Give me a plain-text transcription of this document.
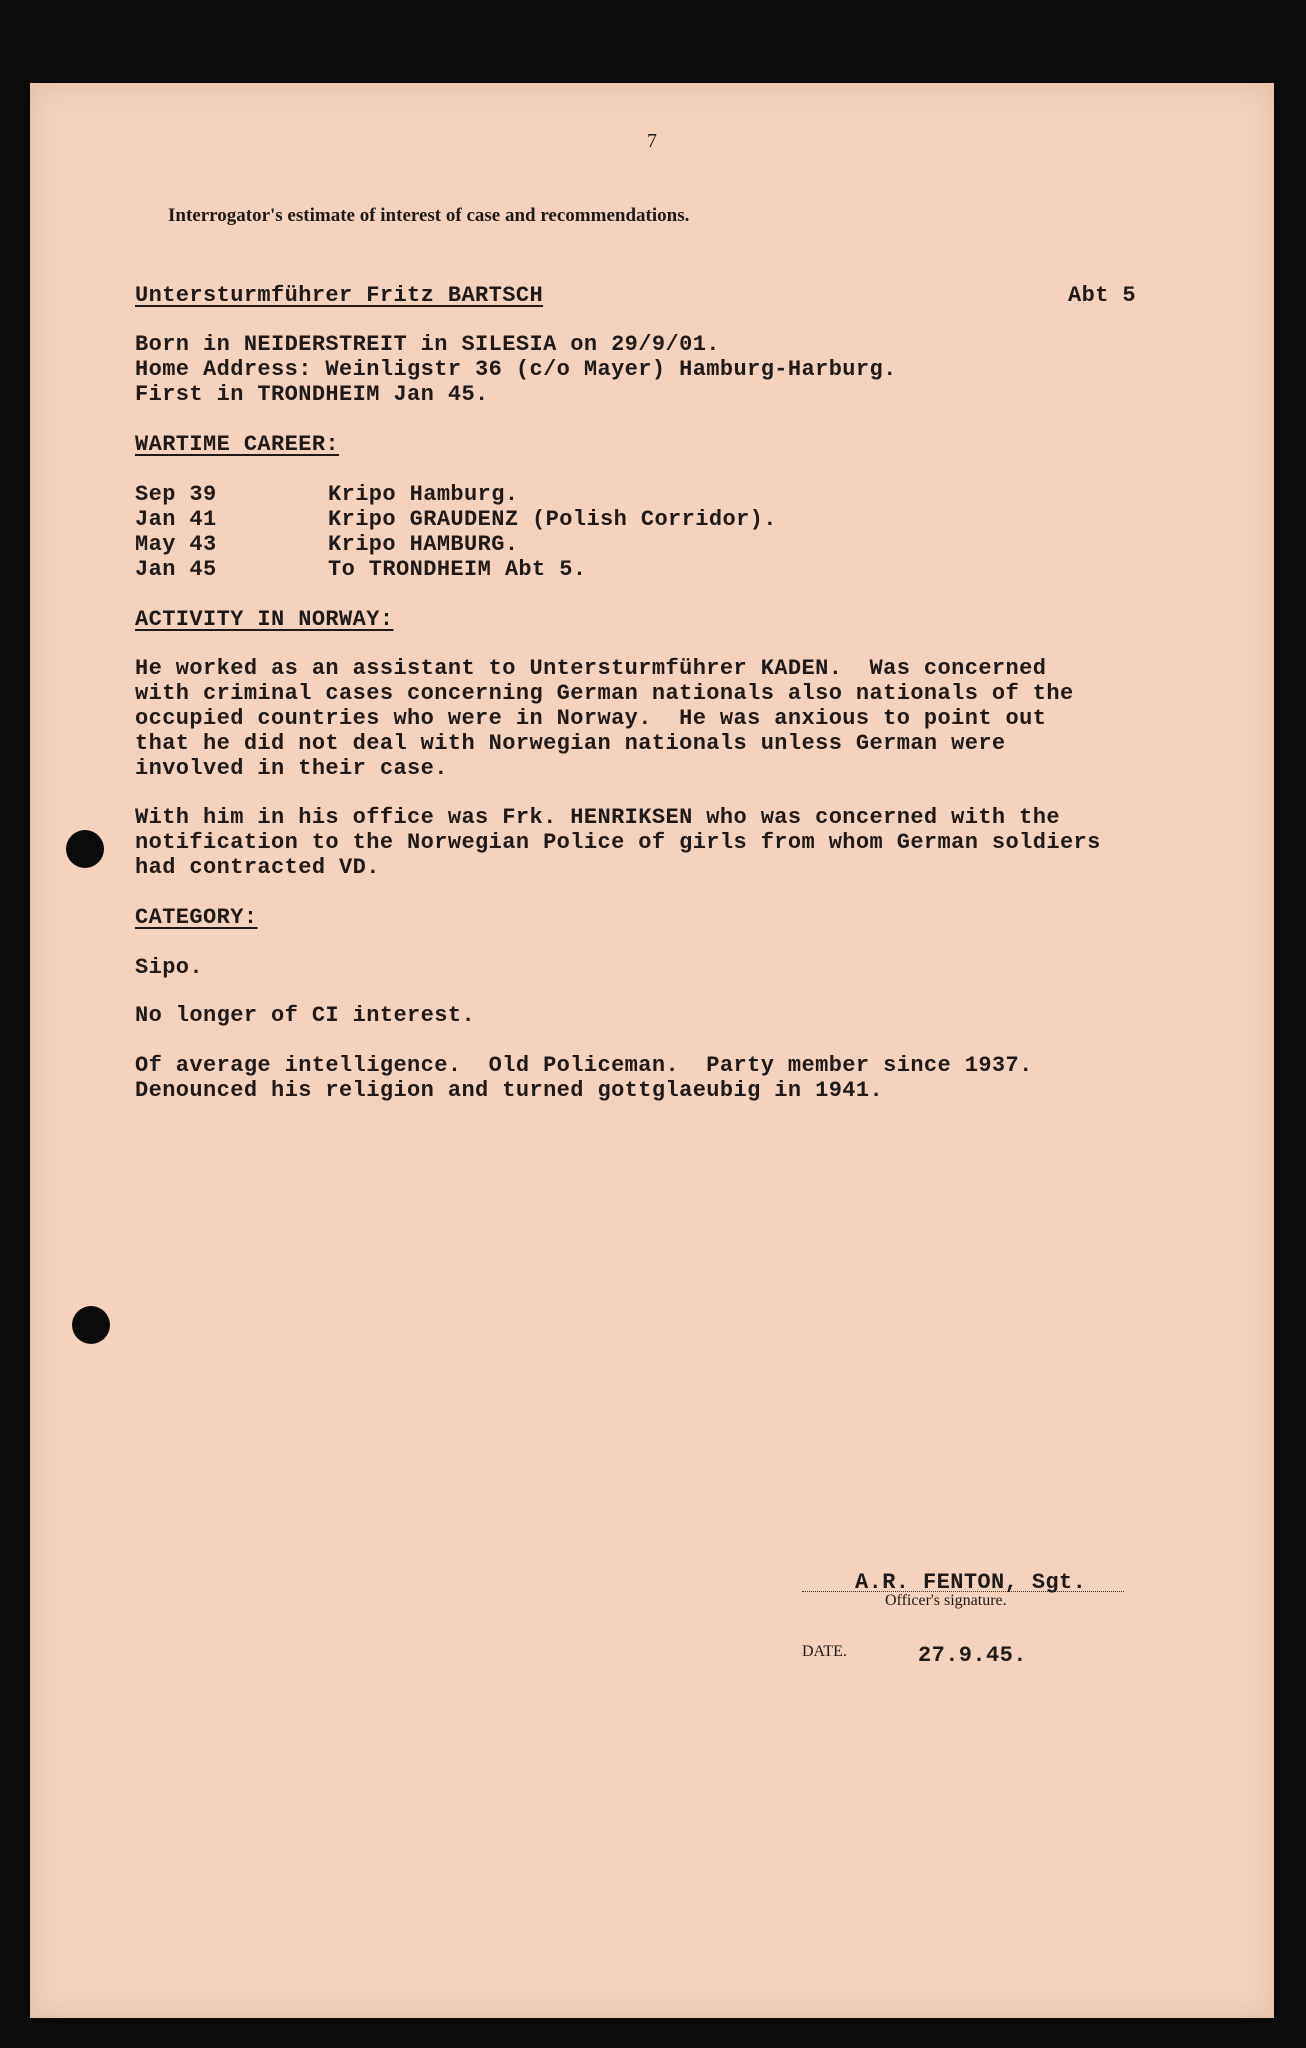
7
Interrogator's estimate of interest of case and recommendations.
Untersturmführer Fritz BARTSCH	Abt 5
Born in NEIDERSTREIT in SILESIA on 29/9/01.
Home Address: Weinligstr 36 (c/o Mayer) Hamburg-Harburg.
First in TRONDHEIM Jan 45.
WARTIME CAREER:
Sep 39	Kripo Hamburg.
Jan 41	Kripo GRAUDENZ (Polish Corridor).
May 43	Kripo HAMBURG.
Jan 45	To TRONDHEIM Abt 5.
ACTIVITY IN NORWAY:
He worked as an assistant to Untersturmführer KADEN.  Was concerned
with criminal cases concerning German nationals also nationals of the
occupied countries who were in Norway.  He was anxious to point out
that he did not deal with Norwegian nationals unless German were
involved in their case.
With him in his office was Frk. HENRIKSEN who was concerned with the
notification to the Norwegian Police of girls from whom German soldiers
had contracted VD.
CATEGORY:
Sipo.
No longer of CI interest.
Of average intelligence.  Old Policeman.  Party member since 1937.
Denounced his religion and turned gottglaeubig in 1941.
A.R. FENTON, Sgt.
Officer's signature.
DATE.	27.9.45.
